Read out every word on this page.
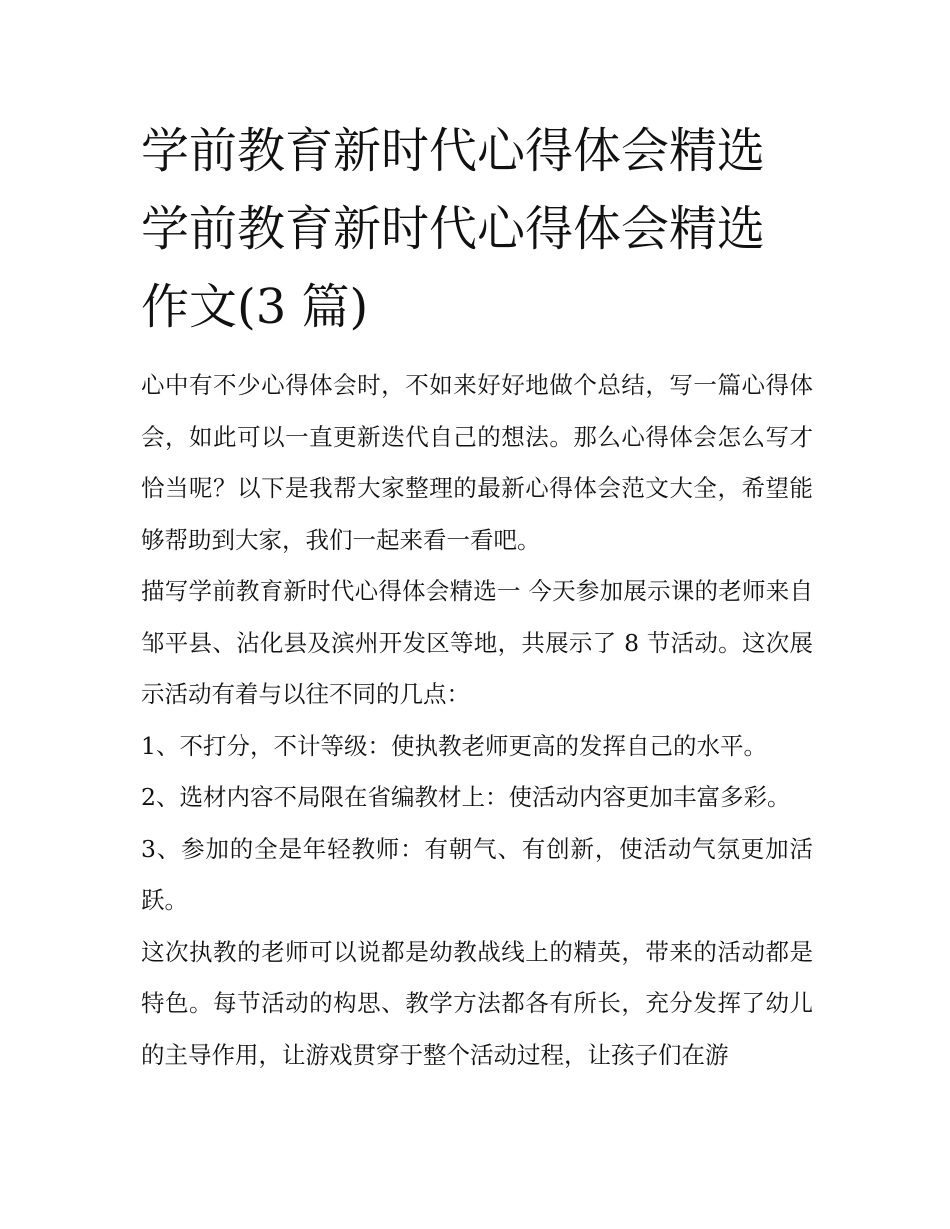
学前教育新时代心得体会精选
学前教育新时代心得体会精选
作文(3 篇)

心中有不少心得体会时，不如来好好地做个总结，写一篇心得体会，如此可以一直更新迭代自己的想法。那么心得体会怎么写才恰当呢？以下是我帮大家整理的最新心得体会范文大全，希望能够帮助到大家，我们一起来看一看吧。

描写学前教育新时代心得体会精选一 今天参加展示课的老师来自邹平县、沾化县及滨州开发区等地，共展示了 8 节活动。这次展示活动有着与以往不同的几点：

1、不打分，不计等级：使执教老师更高的发挥自己的水平。

2、选材内容不局限在省编教材上：使活动内容更加丰富多彩。

3、参加的全是年轻教师：有朝气、有创新，使活动气氛更加活跃。

这次执教的老师可以说都是幼教战线上的精英，带来的活动都是特色。每节活动的构思、教学方法都各有所长，充分发挥了幼儿的主导作用，让游戏贯穿于整个活动过程，让孩子们在游
